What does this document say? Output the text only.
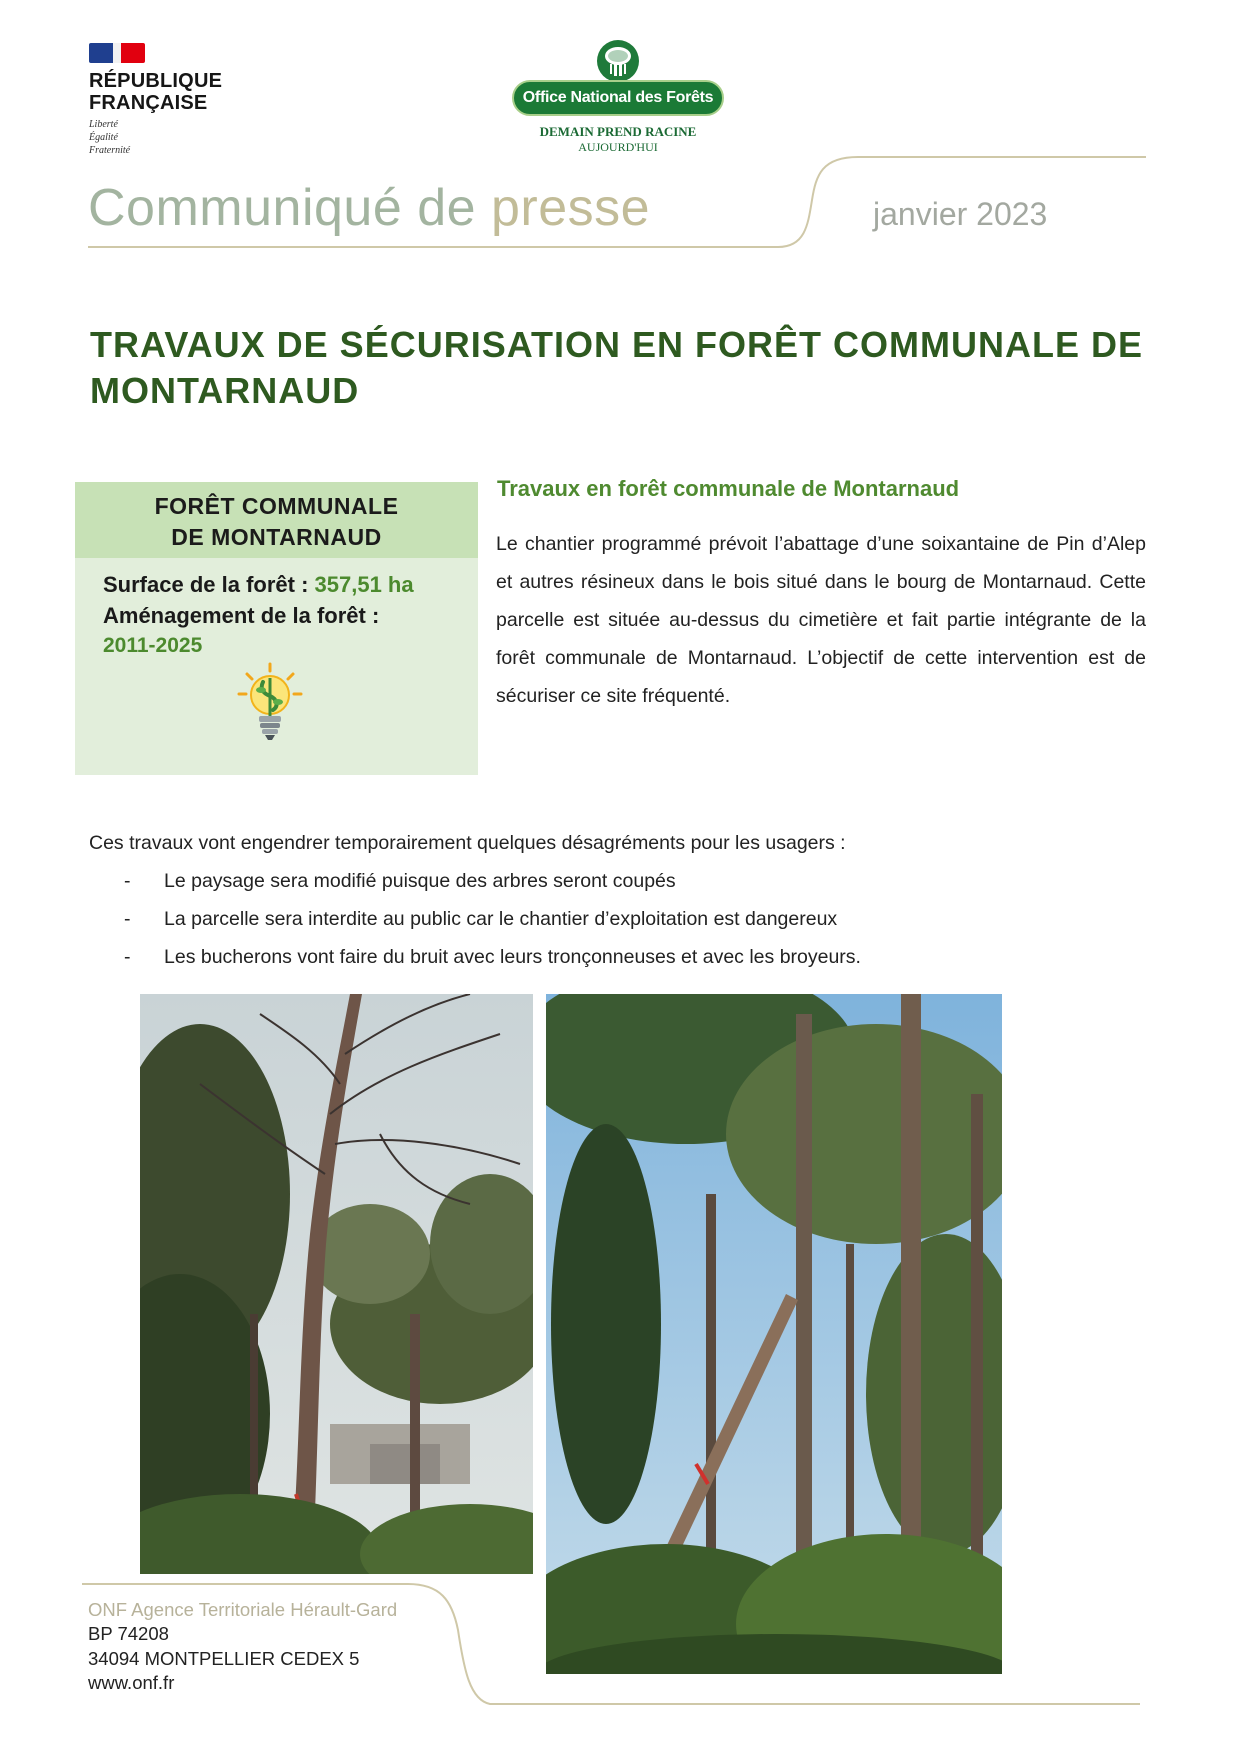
RÉPUBLIQUE
FRANÇAISE
Liberté
Égalité
Fraternité
Office National des Forêts
DEMAIN PREND RACINE
AUJOURD'HUI
Communiqué de presse	janvier 2023
TRAVAUX DE SÉCURISATION EN FORÊT COMMUNALE DE MONTARNAUD
FORÊT COMMUNALE
DE MONTARNAUD
Surface de la forêt : 357,51 ha
Aménagement de la forêt :
2011-2025
Travaux en forêt communale de Montarnaud
Le chantier programmé prévoit l’abattage d’une soixantaine de Pin d’Alep et autres résineux dans le bois situé dans le bourg de Montarnaud. Cette parcelle est située au-dessus du cimetière et fait partie intégrante de la forêt communale de Montarnaud. L’objectif de cette intervention est de sécuriser ce site fréquenté.
Ces travaux vont engendrer temporairement quelques désagréments pour les usagers :
- Le paysage sera modifié puisque des arbres seront coupés
- La parcelle sera interdite au public car le chantier d’exploitation est dangereux
- Les bucherons vont faire du bruit avec leurs tronçonneuses et avec les broyeurs.
ONF Agence Territoriale Hérault-Gard
BP 74208
34094 MONTPELLIER CEDEX 5
www.onf.fr
